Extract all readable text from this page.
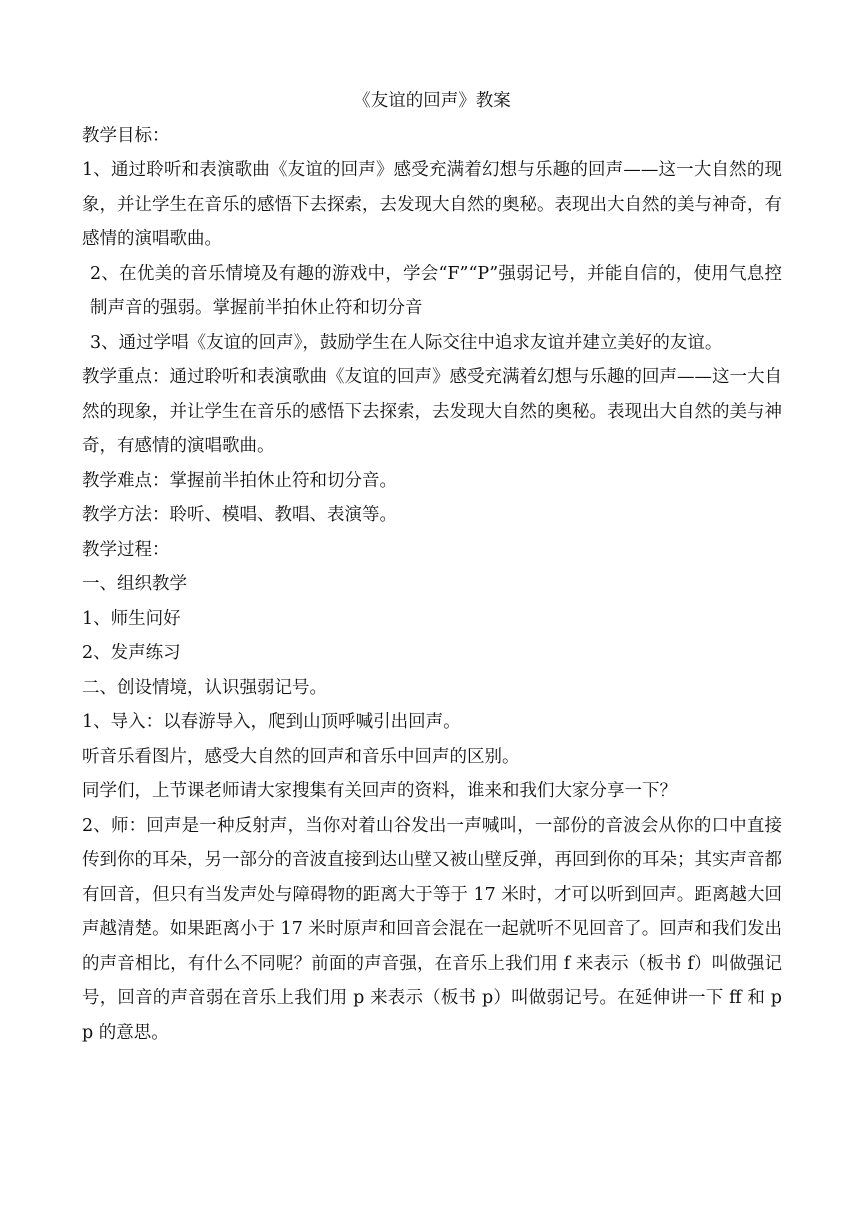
《友谊的回声》教案

教学目标：

1、通过聆听和表演歌曲《友谊的回声》感受充满着幻想与乐趣的回声——这一大自然的现象，并让学生在音乐的感悟下去探索，去发现大自然的奥秘。表现出大自然的美与神奇，有感情的演唱歌曲。

2、在优美的音乐情境及有趣的游戏中，学会“F”“P”强弱记号，并能自信的，使用气息控制声音的强弱。掌握前半拍休止符和切分音

3、通过学唱《友谊的回声》，鼓励学生在人际交往中追求友谊并建立美好的友谊。

教学重点：通过聆听和表演歌曲《友谊的回声》感受充满着幻想与乐趣的回声——这一大自然的现象，并让学生在音乐的感悟下去探索，去发现大自然的奥秘。表现出大自然的美与神奇，有感情的演唱歌曲。

教学难点：掌握前半拍休止符和切分音。

教学方法：聆听、模唱、教唱、表演等。

教学过程：

一、组织教学

1、师生问好

2、发声练习

二、创设情境，认识强弱记号。

1、导入：以春游导入，爬到山顶呼喊引出回声。

听音乐看图片，感受大自然的回声和音乐中回声的区别。

同学们，上节课老师请大家搜集有关回声的资料，谁来和我们大家分享一下？

2、师：回声是一种反射声，当你对着山谷发出一声喊叫，一部份的音波会从你的口中直接传到你的耳朵，另一部分的音波直接到达山壁又被山壁反弹，再回到你的耳朵；其实声音都有回音，但只有当发声处与障碍物的距离大于等于 17 米时，才可以听到回声。距离越大回声越清楚。如果距离小于 17 米时原声和回音会混在一起就听不见回音了。回声和我们发出的声音相比，有什么不同呢？前面的声音强，在音乐上我们用 f 来表示（板书 f）叫做强记号，回音的声音弱在音乐上我们用 p 来表示（板书 p）叫做弱记号。在延伸讲一下 ff 和 pp 的意思。
